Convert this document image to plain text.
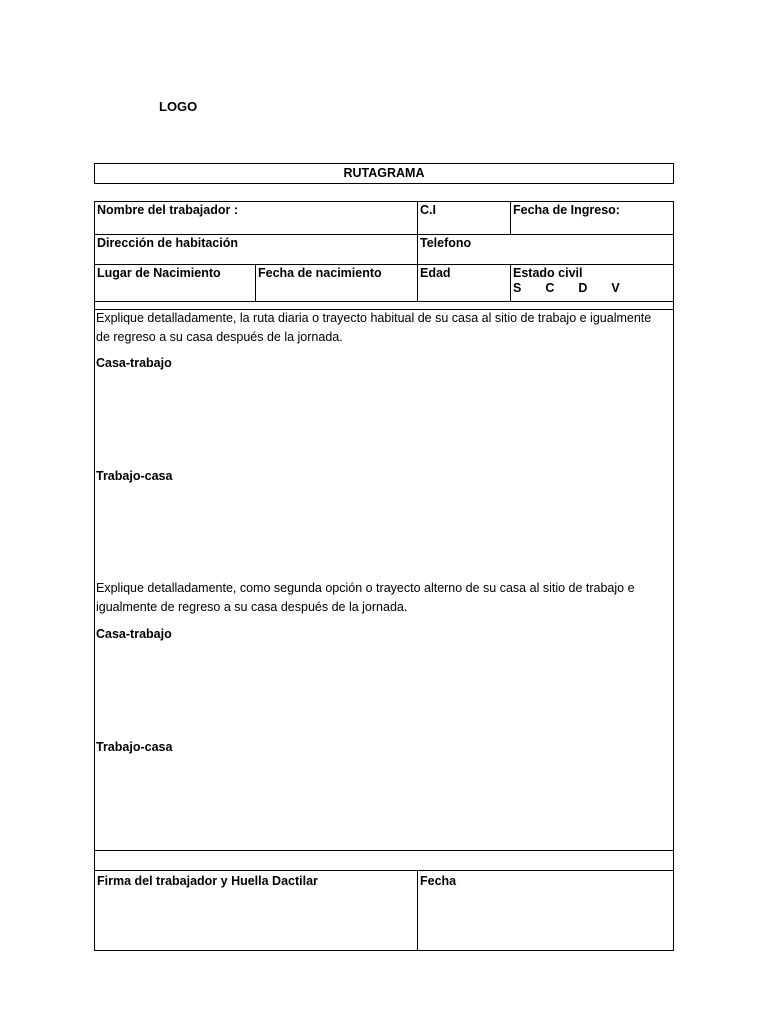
LOGO
RUTAGRAMA
Nombre del trabajador :	C.I	Fecha de Ingreso:
Dirección de habitación	Telefono
Lugar de Nacimiento	Fecha de nacimiento	Edad	Estado civil
S C D V
Explique detalladamente, la ruta diaria o trayecto habitual de su casa al sitio de trabajo e igualmente de regreso a su casa después de la jornada.
Casa-trabajo
Trabajo-casa
Explique detalladamente, como segunda opción o trayecto alterno de su casa al sitio de trabajo e igualmente de regreso a su casa después de la jornada.
Casa-trabajo
Trabajo-casa
Firma del trabajador y Huella Dactilar	Fecha
